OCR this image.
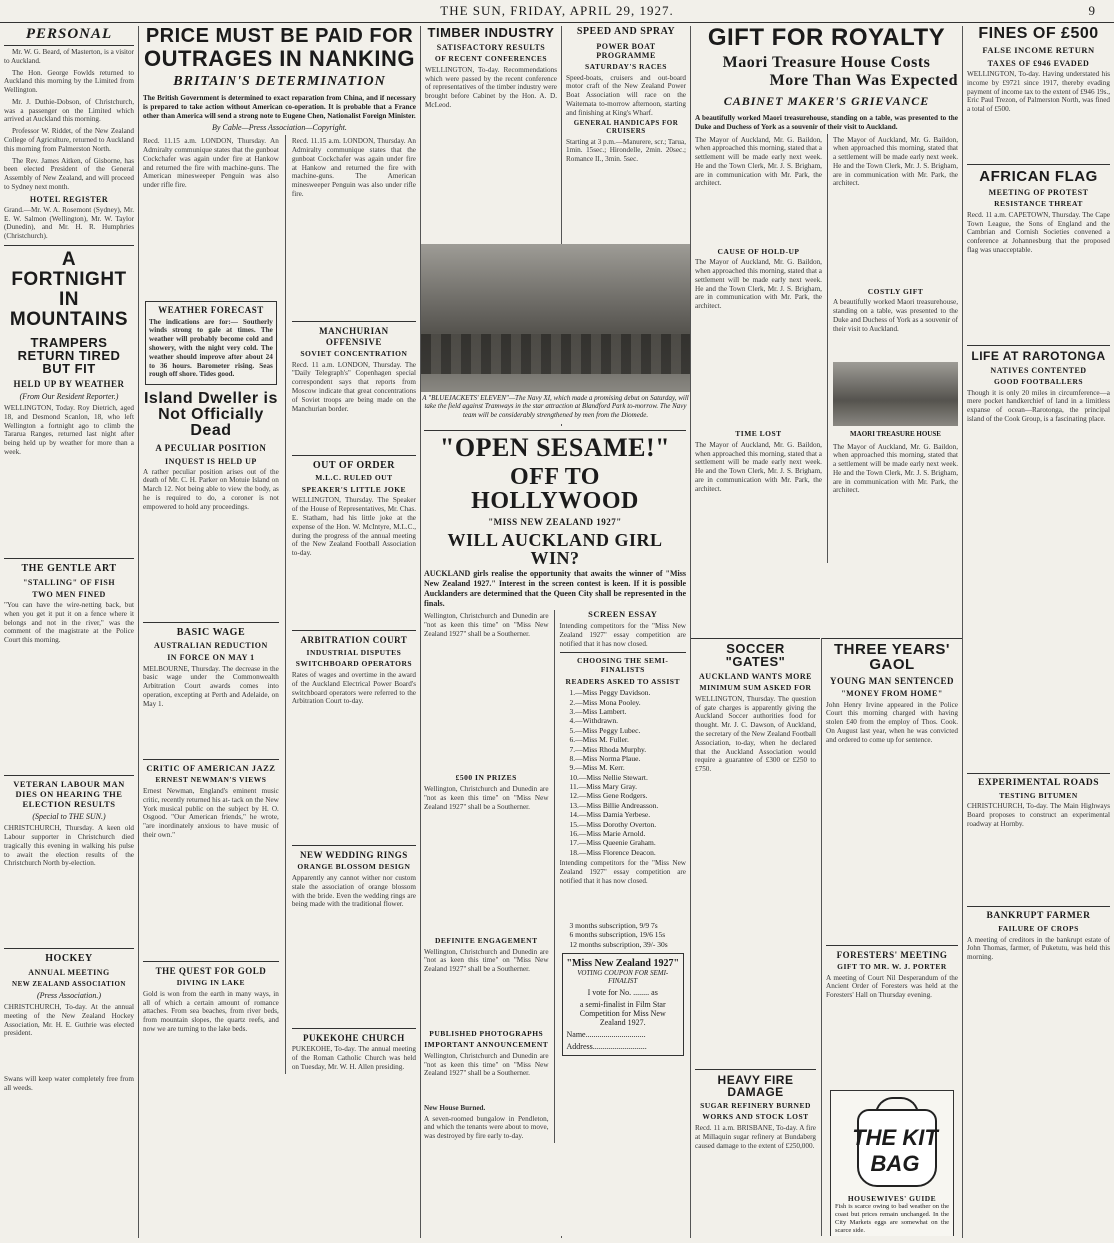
THE SUN, FRIDAY, APRIL 29, 1927.	9
PERSONAL

Mr. W. G. Beard, of Masterton, is a visitor to Auckland.

The Hon. George Fowlds returned to Auckland this morning by the Limited from Wellington.

Mr. J. Duthie-Dobson, of Christchurch, was a passenger on the Limited which arrived at Auckland this morning.

Professor W. Riddet, of the New Zealand College of Agriculture, returned to Auckland this morning from Palmerston North.

The Rev. James Aitken, of Gisborne, has been elected President of the General Assembly of New Zealand, and will proceed to Sydney next month.

HOTEL REGISTER
Grand.—Mr. W. A. Rosemont (Sydney), Mr. E. W. Salmon (Wellington), Mr. W. Taylor (Dunedin), and Mr. H. R. Humphries (Christchurch).
A FORTNIGHT IN MOUNTAINS
TRAMPERS RETURN TIRED BUT FIT
HELD UP BY WEATHER
(From Our Resident Reporter.)
WELLINGTON, Today. Roy Dietrich, aged 18, and Desmond Scanlon, 18, who left Wellington a fortnight ago to climb the Tararua Ranges, returned last night after being held up by weather for more than a week.
THE GENTLE ART
"STALLING" OF FISH
TWO MEN FINED
"You can have the wire-netting back, but when you get it put it on a fence where it belongs and not in the river," was the comment of the magistrate at the Police Court this morning.
VETERAN LABOUR MAN DIES ON HEARING THE ELECTION RESULTS
(Special to THE SUN.)
CHRISTCHURCH, Thursday. A keen old Labour supporter in Christchurch died tragically this evening in walking his pulse to await the election results of the Christchurch North by-election.
HOCKEY
ANNUAL MEETING
NEW ZEALAND ASSOCIATION
(Press Association.)
CHRISTCHURCH, To-day. At the annual meeting of the New Zealand Hockey Association, Mr. H. E. Guthrie was elected president.
Swans will keep water completely free from all weeds.
PRICE MUST BE PAID FOR
OUTRAGES IN NANKING
BRITAIN'S DETERMINATION
The British Government is determined to exact reparation from China, and if necessary is prepared to take action without American co-operation. It is probable that a France other than America will send a strong note to Eugene Chen, Nationalist Foreign Minister.
By Cable—Press Association—Copyright.
Recd. 11.15 a.m. LONDON, Thursday. An Admiralty communique states that the gunboat Cockchafer was again under fire at Hankow and returned the fire with machine-guns. The American minesweeper Penguin was also under rifle fire.
WEATHER FORECAST
The indications are for:— Southerly winds strong to gale at times. The weather will probably become cold and showery, with the night very cold. The weather should improve after about 24 to 36 hours. Barometer rising. Seas rough off shore. Tides good.
Island Dweller is
Not Officially Dead
A PECULIAR POSITION
INQUEST IS HELD UP
A rather peculiar position arises out of the death of Mr. C. H. Parker on Motuie Island on March 12. Not being able to view the body, as he is required to do, a coroner is not empowered to hold any proceedings.
BASIC WAGE
AUSTRALIAN REDUCTION
IN FORCE ON MAY 1
MELBOURNE, Thursday. The decrease in the basic wage under the Commonwealth Arbitration Court awards comes into operation, excepting at Perth and Adelaide, on May 1.
CRITIC OF AMERICAN JAZZ
ERNEST NEWMAN'S VIEWS
Ernest Newman, England's eminent music critic, recently returned his at- tack on the New York musical public on the subject by H. O. Osgood. "Our American friends," he wrote, "are inordinately anxious to have music of their own."
THE QUEST FOR GOLD
DIVING IN LAKE
Gold is won from the earth in many ways, in all of which a certain amount of romance attaches. From sea beaches, from river beds, from mountain slopes, the quartz reefs, and now we are turning to the lake beds.
Recd. 11.15 a.m. LONDON, Thursday. An Admiralty communique states that the gunboat Cockchafer was again under fire at Hankow and returned the fire with machine-guns. The American minesweeper Penguin was also under rifle fire.
MANCHURIAN OFFENSIVE
SOVIET CONCENTRATION
Recd. 11 a.m. LONDON, Thursday. The "Daily Telegraph's" Copenhagen special correspondent says that reports from Moscow indicate that great concentrations of Soviet troops are being made on the Manchurian border.
OUT OF ORDER
M.L.C. RULED OUT
SPEAKER'S LITTLE JOKE
WELLINGTON, Thursday. The Speaker of the House of Representatives, Mr. Chas. E. Statham, had his little joke at the expense of the Hon. W. McIntyre, M.L.C., during the progress of the annual meeting of the New Zealand Football Association to-day.
ARBITRATION COURT
INDUSTRIAL DISPUTES
SWITCHBOARD OPERATORS
Rates of wages and overtime in the award of the Auckland Electrical Power Board's switchboard operators were referred to the Arbitration Court to-day.
NEW WEDDING RINGS
ORANGE BLOSSOM DESIGN
Apparently any cannot wither nor custom stale the association of orange blossom with the bride. Even the wedding rings are being made with the traditional flower.
PUKEKOHE CHURCH
PUKEKOHE, To-day. The annual meeting of the Roman Catholic Church was held on Tuesday, Mr. W. H. Allen presiding.
TIMBER INDUSTRY
SATISFACTORY RESULTS
OF RECENT CONFERENCES
WELLINGTON, To-day. Recommendations which were passed by the recent conference of representatives of the timber industry were brought before Cabinet by the Hon. A. D. McLeod.
SPEED AND SPRAY
POWER BOAT PROGRAMME
SATURDAY'S RACES
Speed-boats, cruisers and out-board motor craft of the New Zealand Power Boat Association will race on the Waitemata to-morrow afternoon, starting and finishing at King's Wharf.
GENERAL HANDICAPS FOR CRUISERS
Starting at 3 p.m.—Manurere, scr.; Tarua, 1min. 15sec.; Hirondelle, 2min. 20sec.; Romance II., 3min. 5sec.
A "BLUEJACKETS' ELEVEN"—The Navy XI, which made a promising debut on Saturday, will take the field against Tramways in the star attraction at Blandford Park to-morrow. The Navy team will be considerably strengthened by men from the Diomede.
"OPEN SESAME!"
OFF TO HOLLYWOOD
"MISS NEW ZEALAND 1927"
WILL AUCKLAND GIRL WIN?
AUCKLAND girls realise the opportunity that awaits the winner of "Miss New Zealand 1927." Interest in the screen contest is keen. If it is possible Aucklanders are determined that the Queen City shall be represented in the finals.
Wellington, Christchurch and Dunedin are "not as keen this time" on "Miss New Zealand 1927" shall be a Southerner.
£500 IN PRIZES
Wellington, Christchurch and Dunedin are "not as keen this time" on "Miss New Zealand 1927" shall be a Southerner.
DEFINITE ENGAGEMENT
Wellington, Christchurch and Dunedin are "not as keen this time" on "Miss New Zealand 1927" shall be a Southerner.
PUBLISHED PHOTOGRAPHS
IMPORTANT ANNOUNCEMENT
Wellington, Christchurch and Dunedin are "not as keen this time" on "Miss New Zealand 1927" shall be a Southerner.
New House Burned.
A seven-roomed bungalow in Pendleton, and which the tenants were about to move, was destroyed by fire early to-day.
SCREEN ESSAY
Intending competitors for the "Miss New Zealand 1927" essay competition are notified that it has now closed.
CHOOSING THE SEMI-FINALISTS
READERS ASKED TO ASSIST
1.—Miss Peggy Davidson.
2.—Miss Mona Pooley.
3.—Miss Lambert.
4.—Withdrawn.
5.—Miss Peggy Lubec.
6.—Miss M. Fuller.
7.—Miss Rhoda Murphy.
8.—Miss Norma Plaue.
9.—Miss M. Kerr.
10.—Miss Nellie Stewart.
11.—Miss Mary Gray.
12.—Miss Gene Rodgers.
13.—Miss Billie Andreasson.
14.—Miss Damia Yerbese.
15.—Miss Dorothy Overton.
16.—Miss Marie Arnold.
17.—Miss Queenie Graham.
18.—Miss Florence Deacon.
Intending competitors for the "Miss New Zealand 1927" essay competition are notified that it has now closed.
3 months subscription, 9/9 7s
6 months subscription, 19/6 15s
12 months subscription, 39/- 30s
"Miss New Zealand 1927"
VOTING COUPON FOR SEMI-FINALIST
I vote for No. ........ as
a semi-finalist in Film Star Competition for Miss New Zealand 1927.
Name..............................
Address...........................
GIFT FOR ROYALTY
Maori Treasure House Costs
More Than Was Expected
CABINET MAKER'S GRIEVANCE
A beautifully worked Maori treasurehouse, standing on a table, was presented to the Duke and Duchess of York as a souvenir of their visit to Auckland.
The Mayor of Auckland, Mr. G. Baildon, when approached this morning, stated that a settlement will be made early next week. He and the Town Clerk, Mr. J. S. Brigham, are in communication with Mr. Park, the architect.
CAUSE OF HOLD-UP
The Mayor of Auckland, Mr. G. Baildon, when approached this morning, stated that a settlement will be made early next week. He and the Town Clerk, Mr. J. S. Brigham, are in communication with Mr. Park, the architect.
TIME LOST
The Mayor of Auckland, Mr. G. Baildon, when approached this morning, stated that a settlement will be made early next week. He and the Town Clerk, Mr. J. S. Brigham, are in communication with Mr. Park, the architect.
The Mayor of Auckland, Mr. G. Baildon, when approached this morning, stated that a settlement will be made early next week. He and the Town Clerk, Mr. J. S. Brigham, are in communication with Mr. Park, the architect.
COSTLY GIFT
A beautifully worked Maori treasurehouse, standing on a table, was presented to the Duke and Duchess of York as a souvenir of their visit to Auckland.
MAORI TREASURE HOUSE
The Mayor of Auckland, Mr. G. Baildon, when approached this morning, stated that a settlement will be made early next week. He and the Town Clerk, Mr. J. S. Brigham, are in communication with Mr. Park, the architect.
SOCCER "GATES"
AUCKLAND WANTS MORE
MINIMUM SUM ASKED FOR
WELLINGTON, Thursday. The question of gate charges is apparently giving the Auckland Soccer authorities food for thought. Mr. J. C. Dawson, of Auckland, the secretary of the New Zealand Football Association, to-day, when he declared that the Auckland Association would require a guarantee of £300 or £250 to £750.
HEAVY FIRE DAMAGE
SUGAR REFINERY BURNED
WORKS AND STOCK LOST
Recd. 11 a.m. BRISBANE, To-day. A fire at Millaquin sugar refinery at Bundaberg caused damage to the extent of £250,000.
THREE YEARS' GAOL
YOUNG MAN SENTENCED
"MONEY FROM HOME"
John Henry Irvine appeared in the Police Court this morning charged with having stolen £40 from the employ of Thos. Cook. On August last year, when he was convicted and ordered to come up for sentence.
FORESTERS' MEETING
GIFT TO MR. W. J. PORTER
A meeting of Court Nil Desperandum of the Ancient Order of Foresters was held at the Foresters' Hall on Thursday evening.
THE KIT BAG
HOUSEWIVES' GUIDE
Fish is scarce owing to bad weather on the coast but prices remain unchanged. In the City Markets eggs are somewhat on the scarce side.
FINES OF £500
FALSE INCOME RETURN
TAXES OF £946 EVADED
WELLINGTON, To-day. Having understated his income by £9721 since 1917, thereby evading payment of income tax to the extent of £946 19s., Eric Paul Trezon, of Palmerston North, was fined a total of £500.
AFRICAN FLAG
MEETING OF PROTEST
RESISTANCE THREAT
Recd. 11 a.m. CAPETOWN, Thursday. The Cape Town League, the Sons of England and the Cambrian and Cornish Societies convened a conference at Johannesburg that the proposed flag was unacceptable.
LIFE AT RAROTONGA
NATIVES CONTENTED
GOOD FOOTBALLERS
Though it is only 20 miles in circumference—a mere pocket handkerchief of land in a limitless expanse of ocean—Rarotonga, the principal island of the Cook Group, is a fascinating place.
EXPERIMENTAL ROADS
TESTING BITUMEN
CHRISTCHURCH, To-day. The Main Highways Board proposes to construct an experimental roadway at Hornby.
BANKRUPT FARMER
FAILURE OF CROPS
A meeting of creditors in the bankrupt estate of John Thomas, farmer, of Puketutu, was held this morning.
